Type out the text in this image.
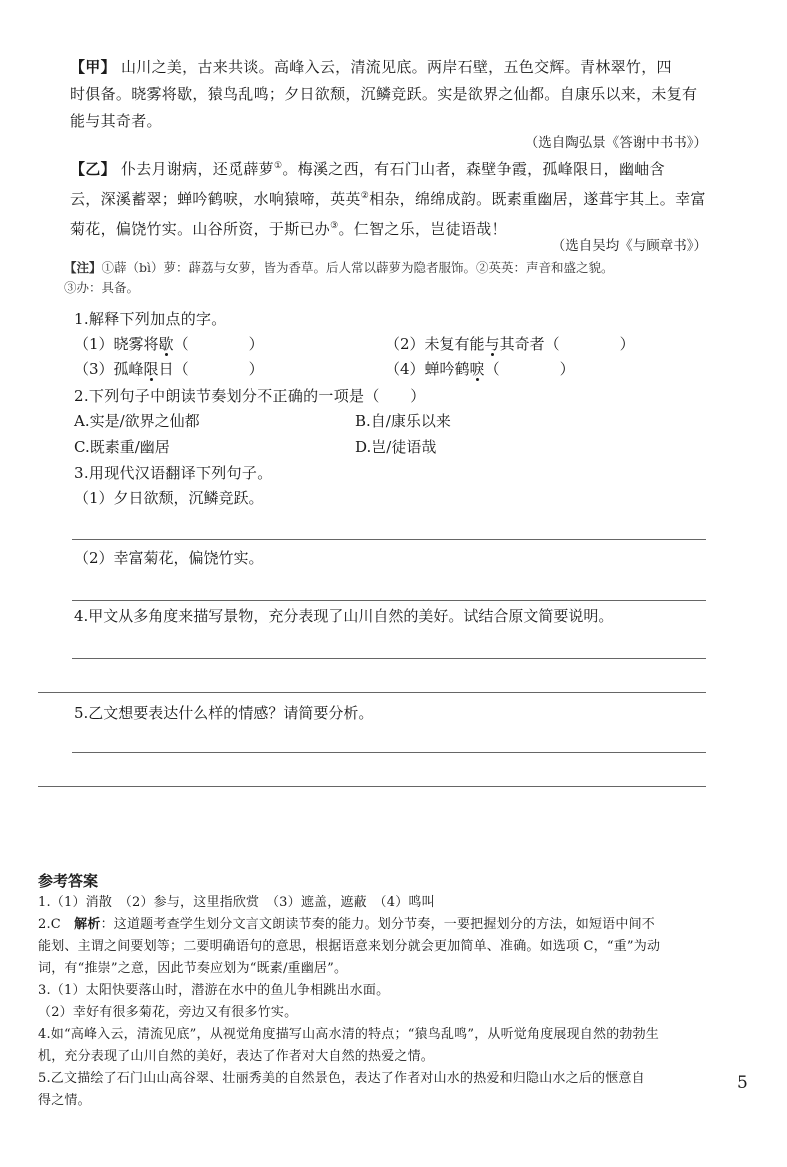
【甲】 山川之美，古来共谈。高峰入云，清流见底。两岸石壁，五色交辉。青林翠竹，四
时俱备。晓雾将歇，猿鸟乱鸣；夕日欲颓，沉鳞竞跃。实是欲界之仙都。自康乐以来，未复有
能与其奇者。
（选自陶弘景《答谢中书书》）
【乙】 仆去月谢病，还觅薜萝①。梅溪之西，有石门山者，森壁争霞，孤峰限日，幽岫含
云，深溪蓄翠；蝉吟鹤唳，水响猿啼，英英②相杂，绵绵成韵。既素重幽居，遂葺宇其上。幸富
菊花，偏饶竹实。山谷所资，于斯已办③。仁智之乐，岂徒语哉！
（选自吴均《与顾章书》）
【注】①薜（bì）萝：薜荔与女萝，皆为香草。后人常以薜萝为隐者服饰。②英英：声音和盛之貌。
③办：具备。
1.解释下列加点的字。
（1）晓雾将歇（　　　　）	（2）未复有能与其奇者（　　　　）
（3）孤峰限日（　　　　）	（4）蝉吟鹤唳（　　　　）
2.下列句子中朗读节奏划分不正确的一项是（　　）
A.实是/欲界之仙都	B.自/康乐以来
C.既素重/幽居	D.岂/徒语哉
3.用现代汉语翻译下列句子。
（1）夕日欲颓，沉鳞竞跃。
（2）幸富菊花，偏饶竹实。
4.甲文从多角度来描写景物，充分表现了山川自然的美好。试结合原文简要说明。
5.乙文想要表达什么样的情感？请简要分析。
参考答案
1.（1）消散　（2）参与，这里指欣赏　（3）遮盖，遮蔽　（4）鸣叫
2.C　解析：这道题考查学生划分文言文朗读节奏的能力。划分节奏，一要把握划分的方法，如短语中间不
能划、主谓之间要划等；二要明确语句的意思，根据语意来划分就会更加简单、准确。如选项 C，“重”为动
词，有“推崇”之意，因此节奏应划为“既素/重幽居”。
3.（1）太阳快要落山时，潜游在水中的鱼儿争相跳出水面。
（2）幸好有很多菊花，旁边又有很多竹实。
4.如“高峰入云，清流见底”，从视觉角度描写山高水清的特点；“猿鸟乱鸣”，从听觉角度展现自然的勃勃生
机，充分表现了山川自然的美好，表达了作者对大自然的热爱之情。
5.乙文描绘了石门山山高谷翠、壮丽秀美的自然景色，表达了作者对山水的热爱和归隐山水之后的惬意自
得之情。
5
